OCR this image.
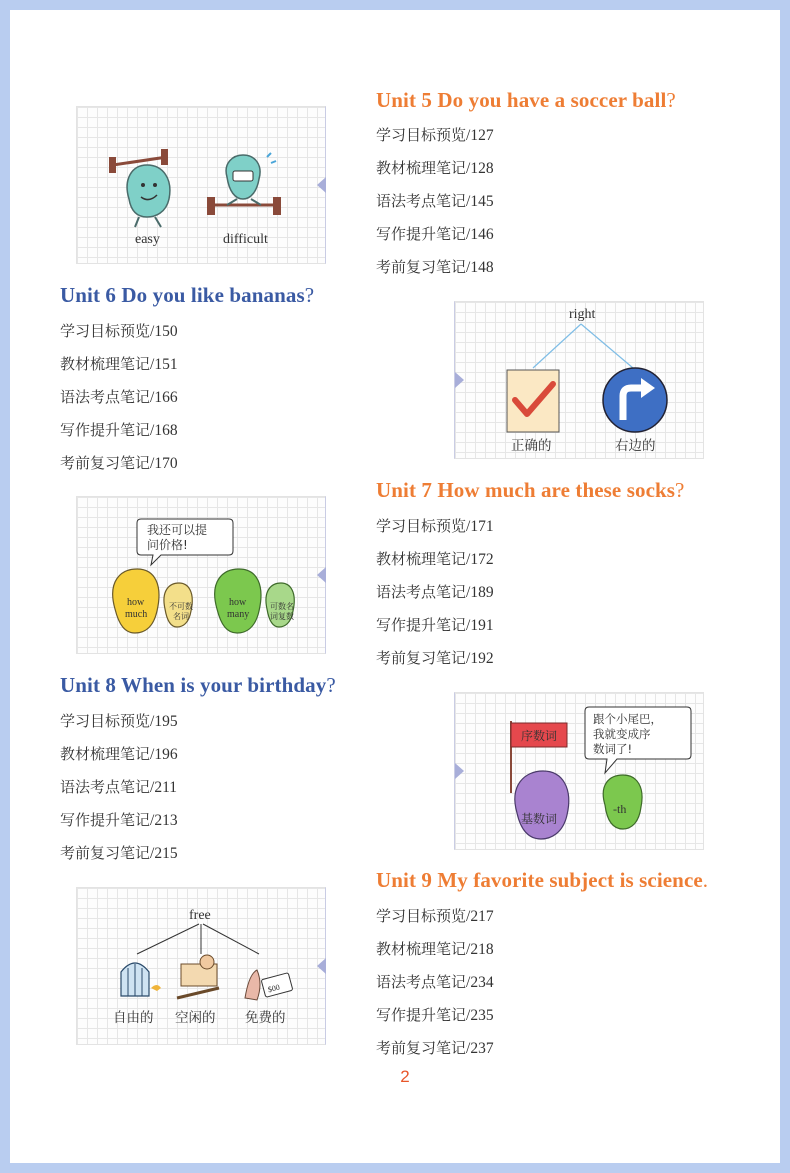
Unit 5 Do you have a soccer ball?
学习目标预览/127
教材梳理笔记/128
语法考点笔记/145
写作提升笔记/146
考前复习笔记/148
easy	difficult
Unit 6 Do you like bananas?
学习目标预览/150
教材梳理笔记/151
语法考点笔记/166
写作提升笔记/168
考前复习笔记/170
right
正确的	右边的
Unit 7 How much are these socks?
学习目标预览/171
教材梳理笔记/172
语法考点笔记/189
写作提升笔记/191
考前复习笔记/192
我还可以提
问价格!
how
much
不可数
名词
how
many
可数名
词复数
Unit 8 When is your birthday?
学习目标预览/195
教材梳理笔记/196
语法考点笔记/211
写作提升笔记/213
考前复习笔记/215
序数词
跟个小尾巴，
我就变成序
数词了!
基数词
-th
Unit 9 My favorite subject is science.
学习目标预览/217
教材梳理笔记/218
语法考点笔记/234
写作提升笔记/235
考前复习笔记/237
free
$00
自由的 空闲的 免费的
2
